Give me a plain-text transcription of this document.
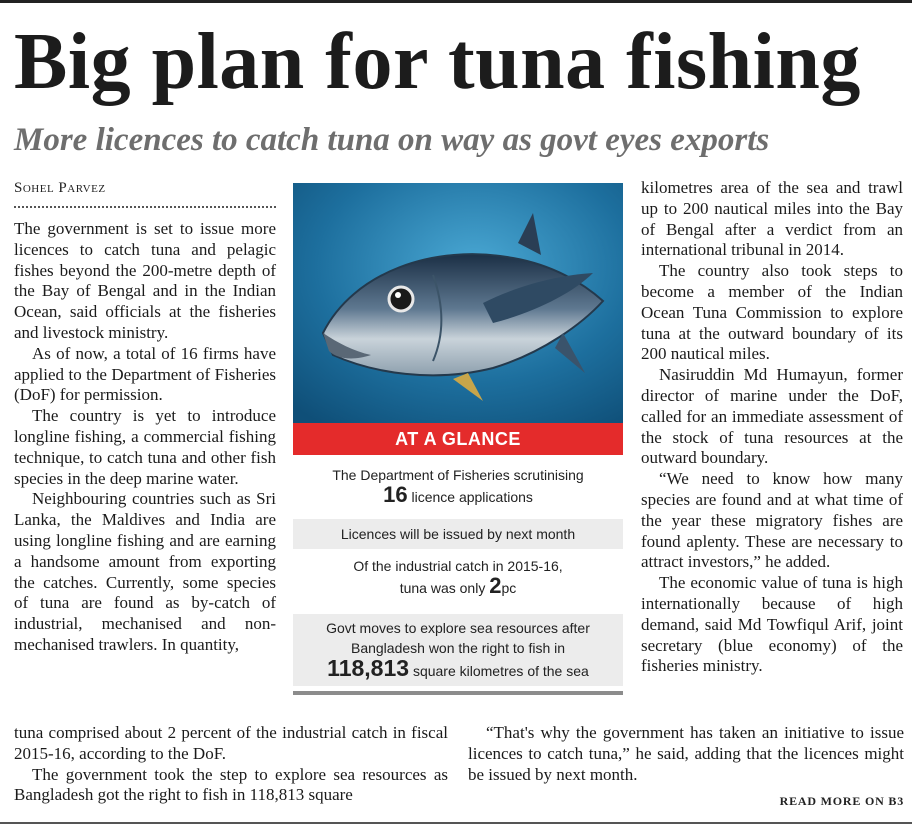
Big plan for tuna fishing
More licences to catch tuna on way as govt eyes exports
Sohel Parvez

The government is set to issue more licences to catch tuna and pelagic fishes beyond the 200-metre depth of the Bay of Bengal and in the Indian Ocean, said officials at the fisheries and livestock ministry.

As of now, a total of 16 firms have applied to the Department of Fisheries (DoF) for permission.

The country is yet to introduce longline fishing, a commercial fishing technique, to catch tuna and other fish species in the deep marine water.

Neighbouring countries such as Sri Lanka, the Maldives and India are using longline fishing and are earning a handsome amount from exporting the catches. Currently, some species of tuna are found as by-catch of industrial, mechanised and non-mechanised trawlers. In quantity,

tuna comprised about 2 percent of the industrial catch in fiscal 2015-16, according to the DoF.

The government took the step to explore sea resources as Bangladesh got the right to fish in 118,813 square

AT A GLANCE
The Department of Fisheries scrutinising
16 licence applications
Licences will be issued by next month
Of the industrial catch in 2015-16,
tuna was only 2pc
Govt moves to explore sea resources after
Bangladesh won the right to fish in
118,813 square kilometres of the sea

kilometres area of the sea and trawl up to 200 nautical miles into the Bay of Bengal after a verdict from an international tribunal in 2014.

The country also took steps to become a member of the Indian Ocean Tuna Commission to explore tuna at the outward boundary of its 200 nautical miles.

Nasiruddin Md Humayun, former director of marine under the DoF, called for an immediate assessment of the stock of tuna resources at the outward boundary.

“We need to know how many species are found and at what time of the year these migratory fishes are found aplenty. These are necessary to attract investors,” he added.

The economic value of tuna is high internationally because of high demand, said Md Towfiqul Arif, joint secretary (blue economy) of the fisheries ministry.

“That's why the government has taken an initiative to issue licences to catch tuna,” he said, adding that the licences might be issued by next month.

READ MORE ON B3
